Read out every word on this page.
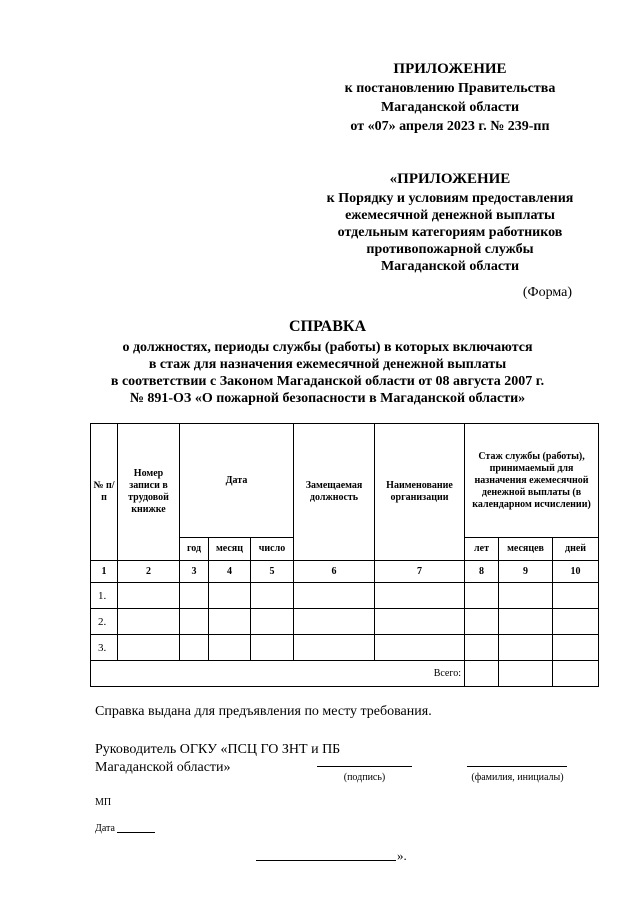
ПРИЛОЖЕНИЕ
к постановлению Правительства
Магаданской области
от «07» апреля 2023 г. № 239-пп
«ПРИЛОЖЕНИЕ
к Порядку и условиям предоставления
ежемесячной денежной выплаты
отдельным категориям работников
противопожарной службы
Магаданской области
(Форма)
СПРАВКА
о должностях, периоды службы (работы) в которых включаются
в стаж для назначения ежемесячной денежной выплаты
в соответствии с Законом Магаданской области от 08 августа 2007 г.
№ 891-ОЗ «О пожарной безопасности в Магаданской области»
№ п/п	Номер записи в трудовой книжке	Дата			Замещаемая должность	Наименование организации	Стаж службы (работы), принимаемый для назначения ежемесячной денежной выплаты (в календарном исчислении)		
		год	месяц	число			лет	месяцев	дней
1	2	3	4	5	6	7	8	9	10
1.									
2.									
3.									
Всего:									
Справка выдана для предъявления по месту требования.
Руководитель ОГКУ «ПСЦ ГО ЗНТ и ПБ
Магаданской области»
(подпись)	(фамилия, инициалы)
МП
Дата
».
